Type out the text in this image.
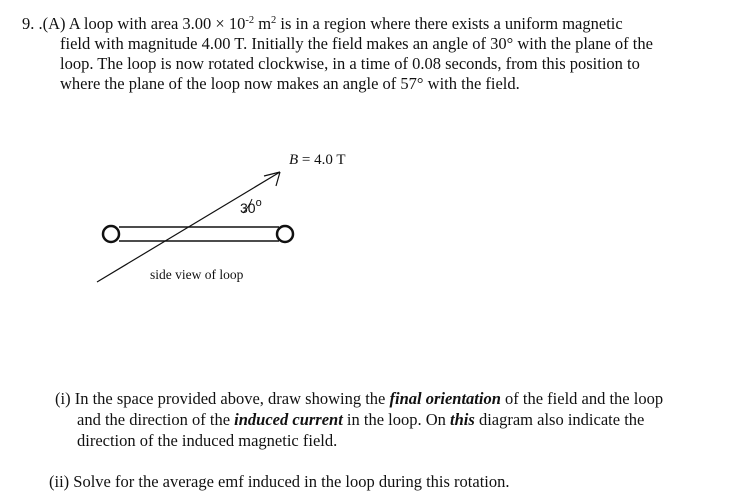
9. .(A) A loop with area $3.00 \times 10^{-2}$ $m^2$ is in a region where there exists a uniform magnetic
field with magnitude 4.00 T. Initially the field makes an angle of 30° with the plane of the
loop. The loop is now rotated clockwise, in a time of 0.08 seconds, from this position to
where the plane of the loop now makes an angle of 57° with the field.
B = 4.0 T
30$^o$
side view of loop
(i) In the space provided above, draw showing the final orientation of the field and the loop
and the direction of the induced current in the loop. On this diagram also indicate the
direction of the induced magnetic field.
(ii) Solve for the average emf induced in the loop during this rotation.
